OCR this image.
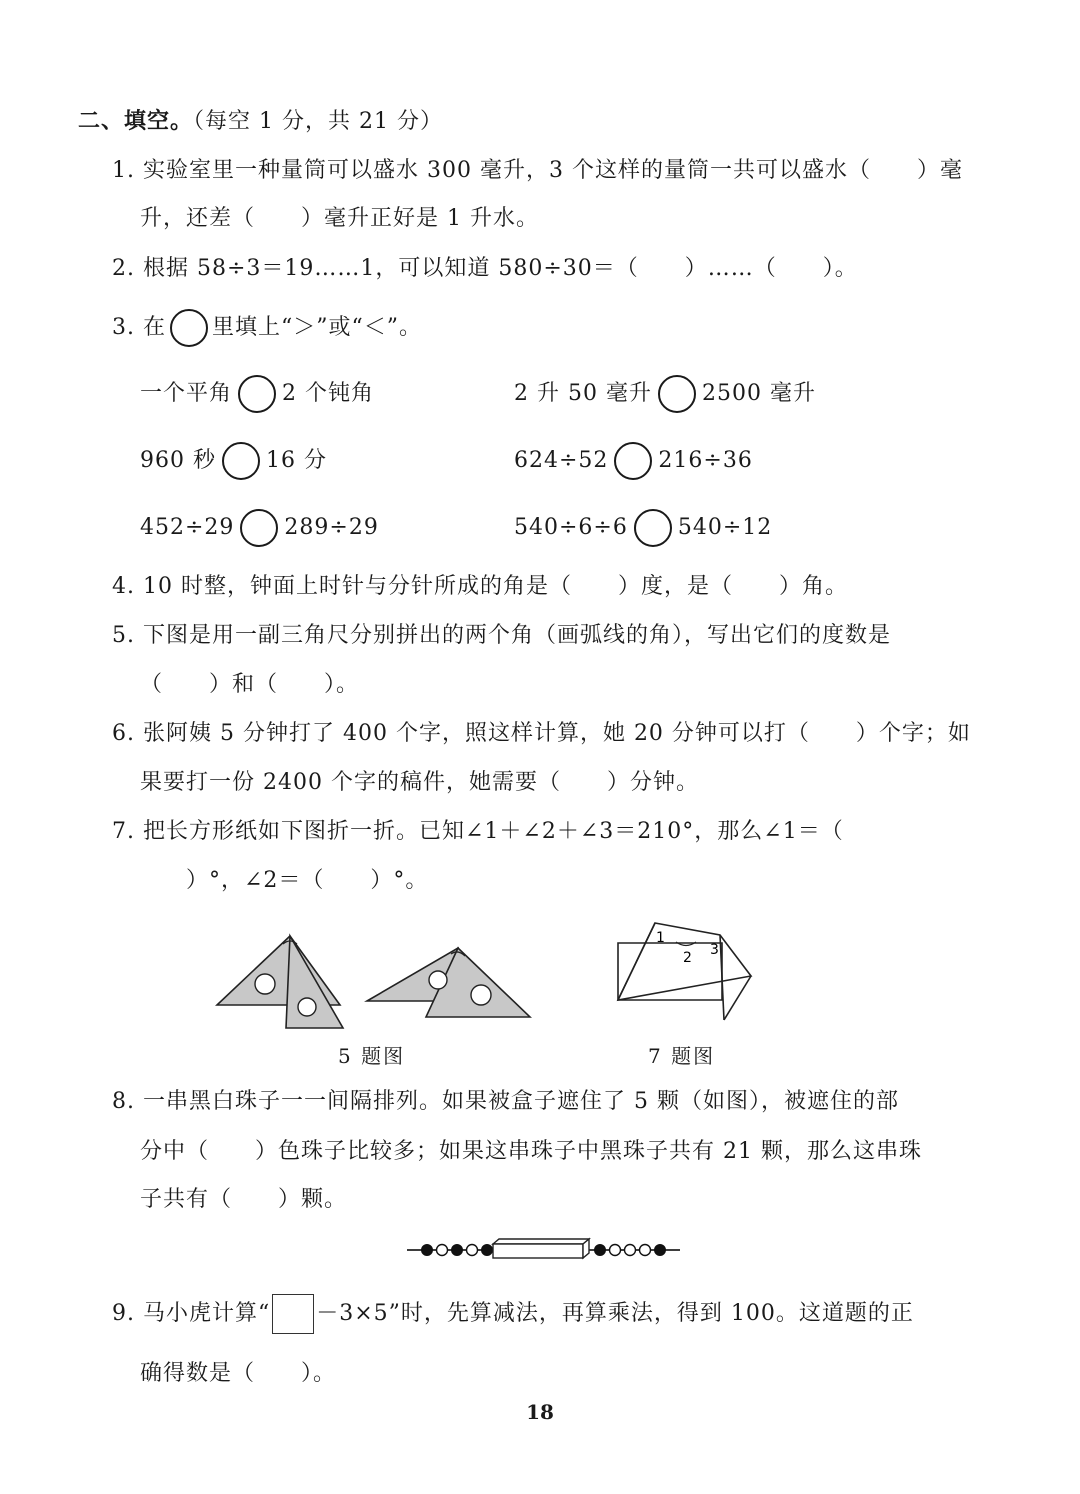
二、填空。（每空 1 分，共 21 分）
1. 实验室里一种量筒可以盛水 300 毫升，3 个这样的量筒一共可以盛水（　　）毫
升，还差（　　）毫升正好是 1 升水。
2. 根据 58÷3＝19……1，可以知道 580÷30＝（　　）……（　　）。
3. 在 里填上“＞”或“＜”。
一个平角 2 个钝角	2 升 50 毫升 2500 毫升
960 秒 16 分	624÷52 216÷36
452÷29 289÷29	540÷6÷6 540÷12
4. 10 时整，钟面上时针与分针所成的角是（　　）度，是（　　）角。
5. 下图是用一副三角尺分别拼出的两个角（画弧线的角），写出它们的度数是
（　　）和（　　）。
6. 张阿姨 5 分钟打了 400 个字，照这样计算，她 20 分钟可以打（　　）个字；如
果要打一份 2400 个字的稿件，她需要（　　）分钟。
7. 把长方形纸如下图折一折。已知∠1＋∠2＋∠3＝210°，那么∠1＝（
　　）°，∠2＝（　　）°。
5 题图
1
2 3
7 题图
8. 一串黑白珠子一一间隔排列。如果被盒子遮住了 5 颗（如图），被遮住的部
分中（　　）色珠子比较多；如果这串珠子中黑珠子共有 21 颗，那么这串珠
子共有（　　）颗。
9. 马小虎计算“ －3×5”时，先算减法，再算乘法，得到 100。这道题的正
确得数是（　　）。
18
